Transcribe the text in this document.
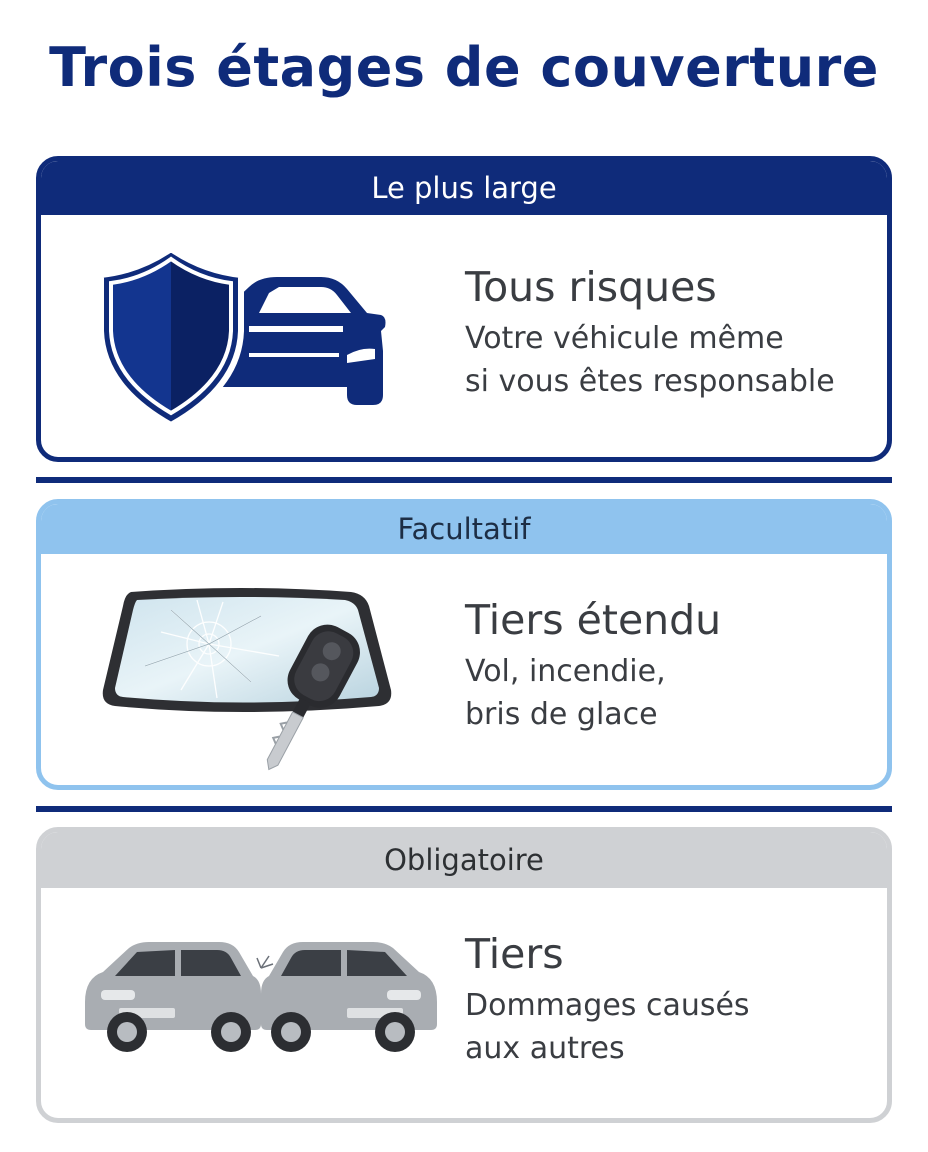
Trois étages de couverture
Le plus large
Tous risques

Votre véhicule même
si vous êtes responsable

Facultatif
Tiers étendu

Vol, incendie,
bris de glace

Obligatoire
Tiers

Dommages causés
aux autres
